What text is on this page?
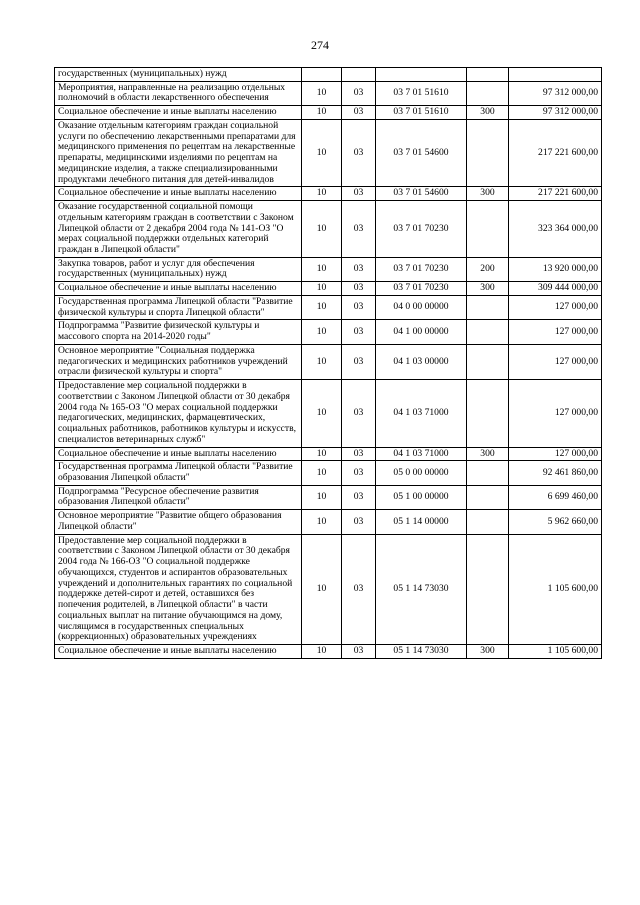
274
государственных (муниципальных) нужд					
Мероприятия, направленные на реализацию отдельных полномочий в области лекарственного обеспечения	10	03	03 7 01 51610		97 312 000,00
Социальное обеспечение и иные выплаты населению	10	03	03 7 01 51610	300	97 312 000,00
Оказание отдельным категориям граждан социальной услуги по обеспечению лекарственными препаратами для медицинского применения по рецептам на лекарственные препараты, медицинскими изделиями по рецептам на медицинские изделия, а также специализированными продуктами лечебного питания для детей-инвалидов	10	03	03 7 01 54600		217 221 600,00
Социальное обеспечение и иные выплаты населению	10	03	03 7 01 54600	300	217 221 600,00
Оказание государственной социальной помощи отдельным категориям граждан в соответствии с Законом Липецкой области от 2 декабря 2004 года № 141-ОЗ "О мерах социальной поддержки отдельных категорий граждан в Липецкой области"	10	03	03 7 01 70230		323 364 000,00
Закупка товаров, работ и услуг для обеспечения государственных (муниципальных) нужд	10	03	03 7 01 70230	200	13 920 000,00
Социальное обеспечение и иные выплаты населению	10	03	03 7 01 70230	300	309 444 000,00
Государственная программа Липецкой области "Развитие физической культуры и спорта Липецкой области"	10	03	04 0 00 00000		127 000,00
Подпрограмма "Развитие физической культуры и массового спорта на 2014-2020 годы"	10	03	04 1 00 00000		127 000,00
Основное мероприятие "Социальная поддержка педагогических и медицинских работников учреждений отрасли физической культуры и спорта"	10	03	04 1 03 00000		127 000,00
Предоставление мер социальной поддержки в соответствии с Законом Липецкой области от 30 декабря 2004 года № 165-ОЗ "О мерах социальной поддержки педагогических, медицинских, фармацевтических, социальных работников, работников культуры и искусств, специалистов ветеринарных служб"	10	03	04 1 03 71000		127 000,00
Социальное обеспечение и иные выплаты населению	10	03	04 1 03 71000	300	127 000,00
Государственная программа Липецкой области "Развитие образования Липецкой области"	10	03	05 0 00 00000		92 461 860,00
Подпрограмма "Ресурсное обеспечение развития образования Липецкой области"	10	03	05 1 00 00000		6 699 460,00
Основное мероприятие "Развитие общего образования Липецкой области"	10	03	05 1 14 00000		5 962 660,00
Предоставление мер социальной поддержки в соответствии с Законом Липецкой области от 30 декабря 2004 года № 166-ОЗ "О социальной поддержке обучающихся, студентов и аспирантов образовательных учреждений и дополнительных гарантиях по социальной поддержке детей-сирот и детей, оставшихся без попечения родителей, в Липецкой области" в части социальных выплат на питание обучающимся на дому, числящимся в государственных специальных (коррекционных) образовательных учреждениях	10	03	05 1 14 73030		1 105 600,00
Социальное обеспечение и иные выплаты населению	10	03	05 1 14 73030	300	1 105 600,00
